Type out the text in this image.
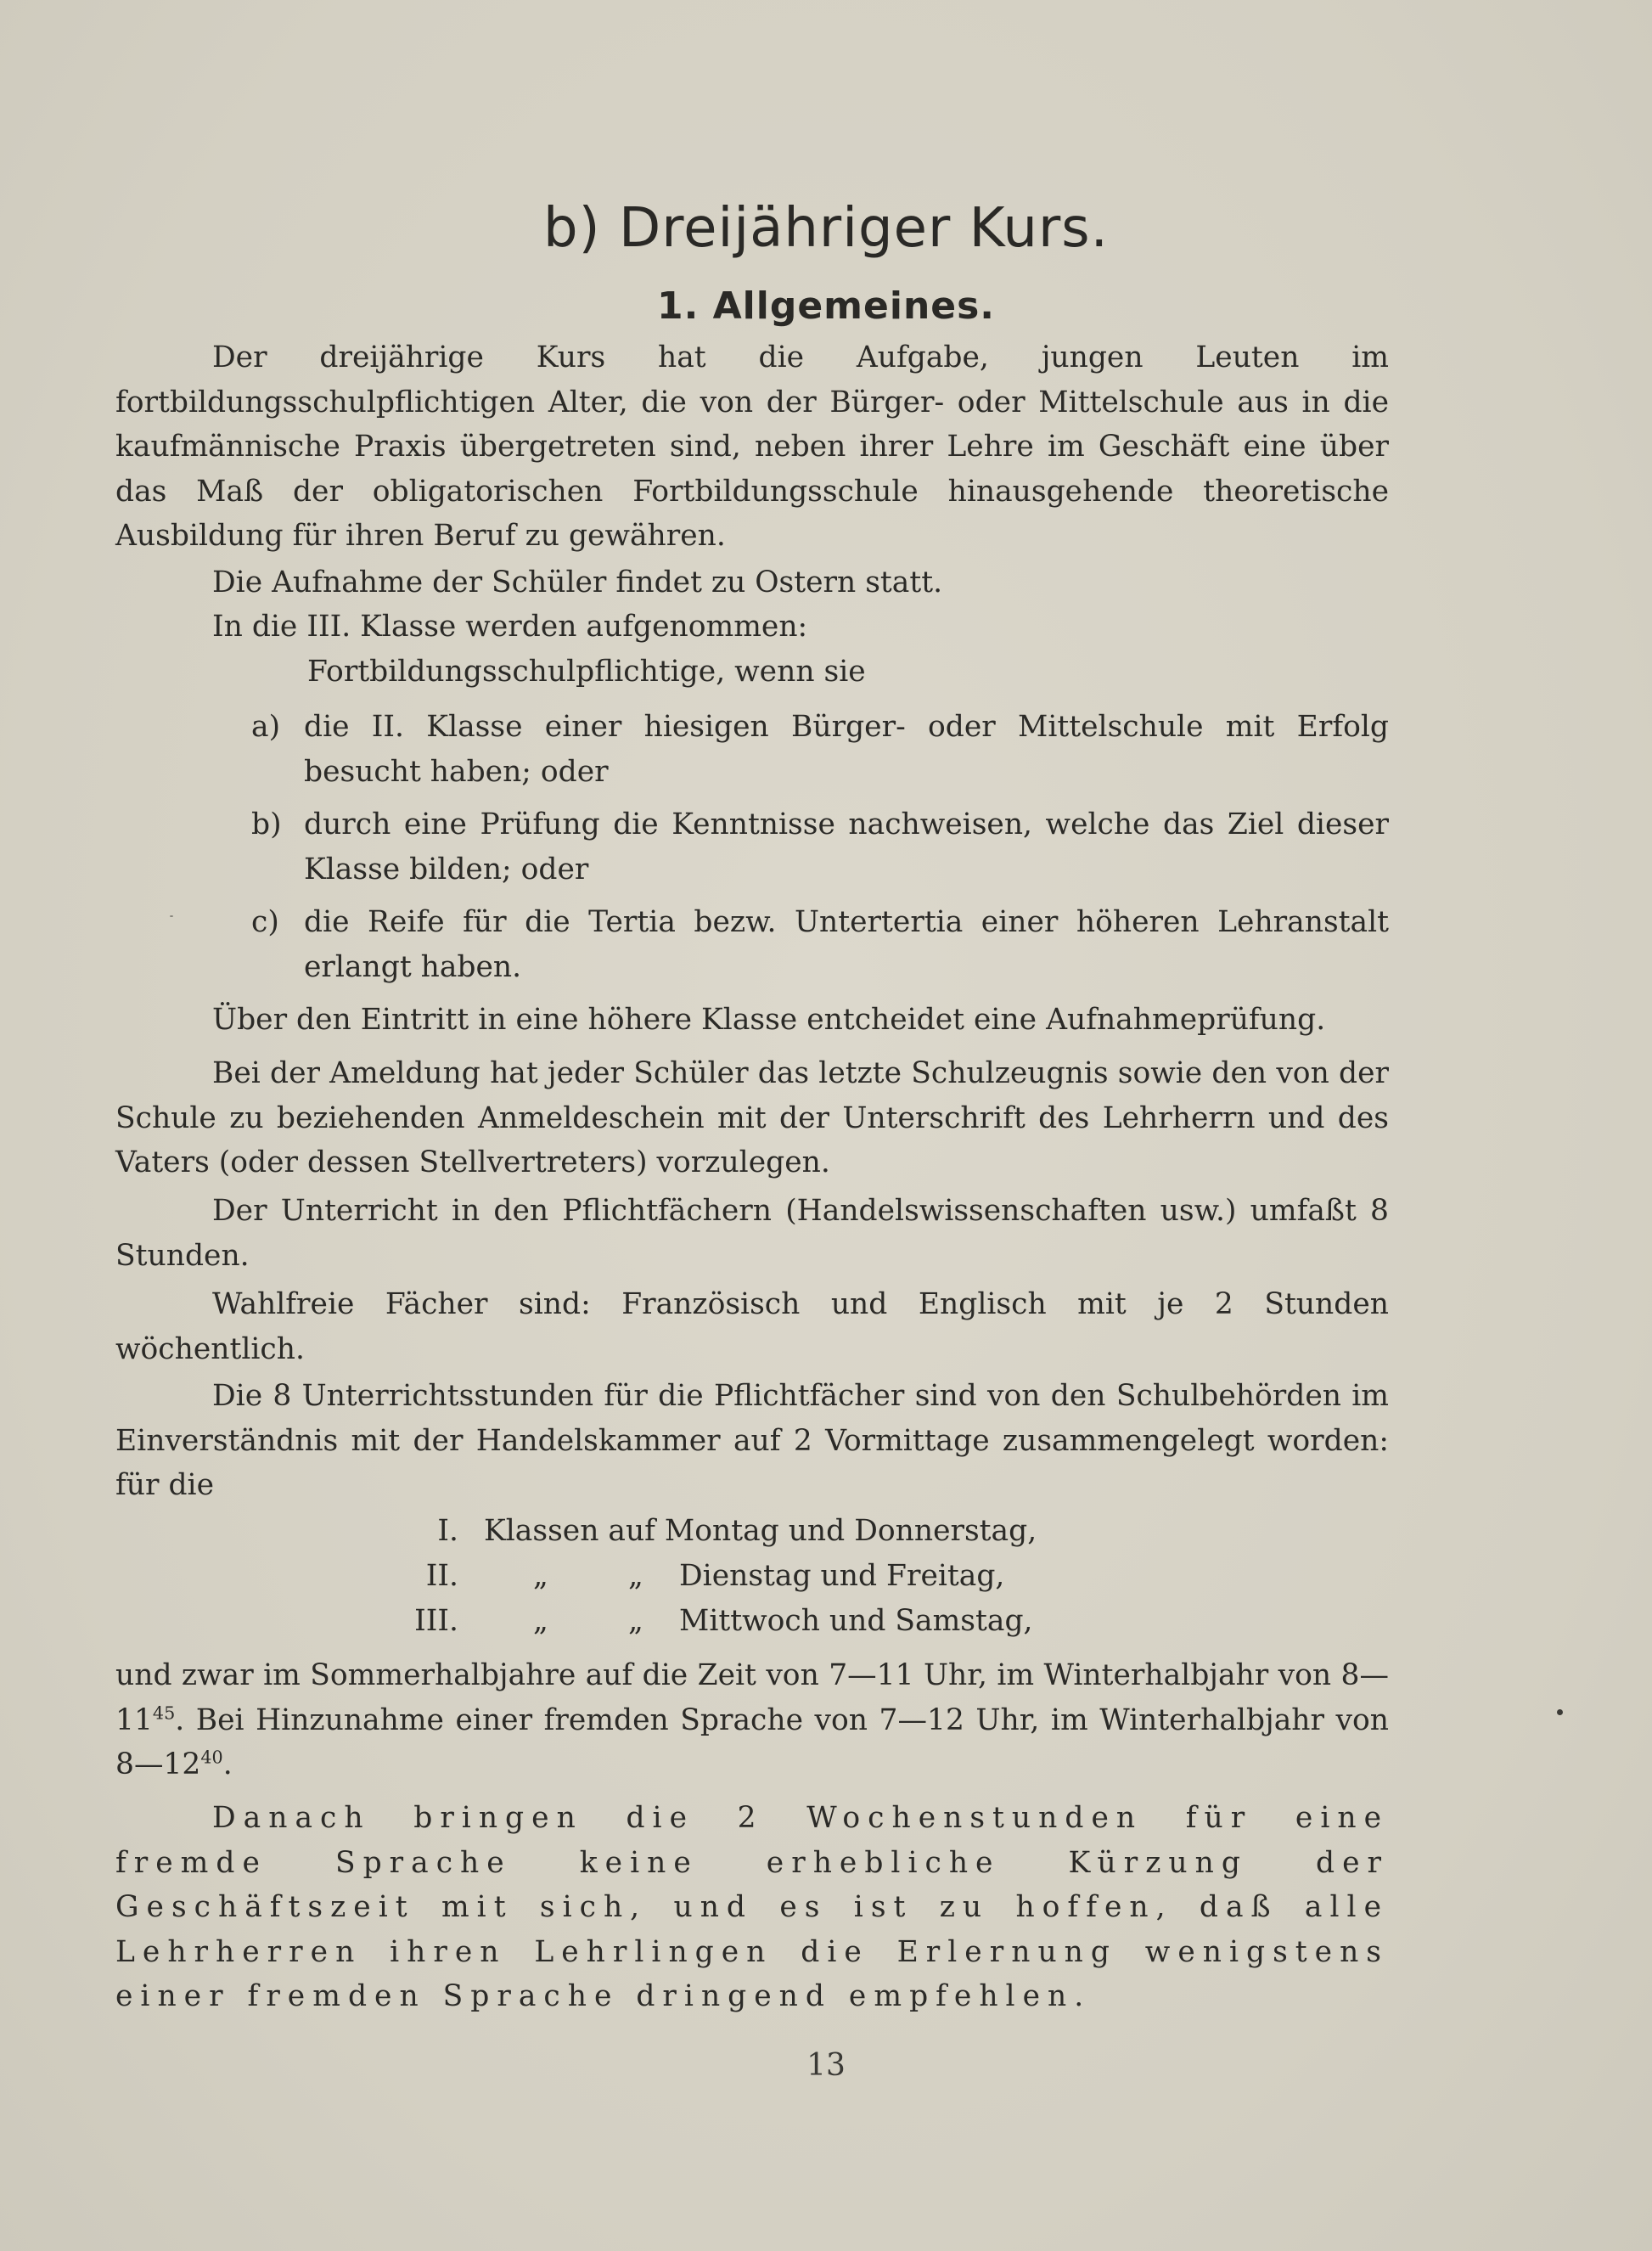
b) Dreijähriger Kurs.
1. Allgemeines.
Der dreijährige Kurs hat die Aufgabe, jungen Leuten im fortbildungsschulpflichtigen Alter, die von der Bürger- oder Mittelschule aus in die kaufmännische Praxis übergetreten sind, neben ihrer Lehre im Geschäft eine über das Maß der obligatorischen Fortbildungsschule hinausgehende theoretische Ausbildung für ihren Beruf zu gewähren.
Die Aufnahme der Schüler findet zu Ostern statt.
In die III. Klasse werden aufgenommen:
Fortbildungsschulpflichtige, wenn sie
a) die II. Klasse einer hiesigen Bürger- oder Mittelschule mit Erfolg besucht haben; oder
b) durch eine Prüfung die Kenntnisse nachweisen, welche das Ziel dieser Klasse bilden; oder
c) die Reife für die Tertia bezw. Untertertia einer höheren Lehranstalt erlangt haben.
Über den Eintritt in eine höhere Klasse entcheidet eine Aufnahmeprüfung.
Bei der Ameldung hat jeder Schüler das letzte Schulzeugnis sowie den von der Schule zu beziehenden Anmeldeschein mit der Unterschrift des Lehrherrn und des Vaters (oder dessen Stellvertreters) vorzulegen.
Der Unterricht in den Pflichtfächern (Handelswissenschaften usw.) umfaßt 8 Stunden.
Wahlfreie Fächer sind: Französisch und Englisch mit je 2 Stunden wöchentlich.
Die 8 Unterrichtsstunden für die Pflichtfächer sind von den Schulbehörden im Einverständnis mit der Handelskammer auf 2 Vormittage zusammengelegt worden: für die
I. Klassen auf Montag und Donnerstag,
II.	„	„ Dienstag und Freitag,
III.	„	„ Mittwoch und Samstag,
und zwar im Sommerhalbjahre auf die Zeit von 7—11 Uhr, im Winterhalbjahr von $8—11^{45}$. Bei Hinzunahme einer fremden Sprache von 7—12 Uhr, im Winterhalbjahr von $8—12^{40}$.
Danach bringen die 2 Wochenstunden für eine fremde Sprache keine erhebliche Kürzung der Geschäftszeit mit sich, und es ist zu hoffen, daß alle Lehrherren ihren Lehrlingen die Erlernung wenigstens einer fremden Sprache dringend empfehlen.
13
